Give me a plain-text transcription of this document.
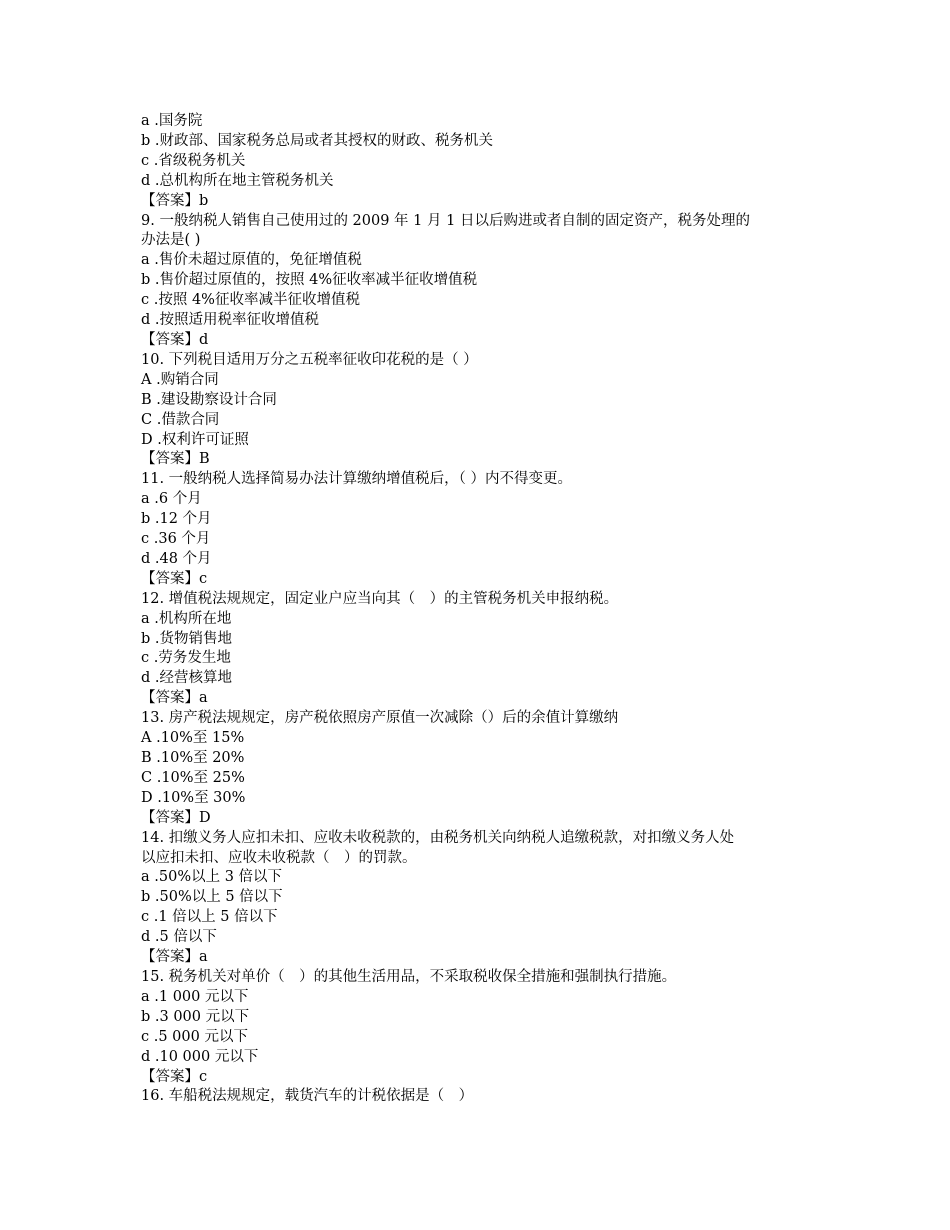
a .国务院
b .财政部、国家税务总局或者其授权的财政、税务机关
c .省级税务机关
d .总机构所在地主管税务机关
【答案】b
9. 一般纳税人销售自己使用过的 2009 年 1 月 1 日以后购进或者自制的固定资产，税务处理的
办法是( )
a .售价未超过原值的，免征增值税
b .售价超过原值的，按照 4%征收率减半征收增值税
c .按照 4%征收率减半征收增值税
d .按照适用税率征收增值税
【答案】d
10. 下列税目适用万分之五税率征收印花税的是（ ）
A .购销合同
B .建设勘察设计合同
C .借款合同
D .权利许可证照
【答案】B
11. 一般纳税人选择简易办法计算缴纳增值税后，（ ）内不得变更。
a .6 个月
b .12 个月
c .36 个月
d .48 个月
【答案】c
12. 增值税法规规定，固定业户应当向其（　）的主管税务机关申报纳税。
a .机构所在地
b .货物销售地
c .劳务发生地
d .经营核算地
【答案】a
13. 房产税法规规定，房产税依照房产原值一次减除（）后的余值计算缴纳
A .10%至 15%
B .10%至 20%
C .10%至 25%
D .10%至 30%
【答案】D
14. 扣缴义务人应扣未扣、应收未收税款的，由税务机关向纳税人追缴税款，对扣缴义务人处
以应扣未扣、应收未收税款（　）的罚款。
a .50%以上 3 倍以下
b .50%以上 5 倍以下
c .1 倍以上 5 倍以下
d .5 倍以下
【答案】a
15. 税务机关对单价（　）的其他生活用品，不采取税收保全措施和强制执行措施。
a .1 000 元以下
b .3 000 元以下
c .5 000 元以下
d .10 000 元以下
【答案】c
16. 车船税法规规定，载货汽车的计税依据是（　）
